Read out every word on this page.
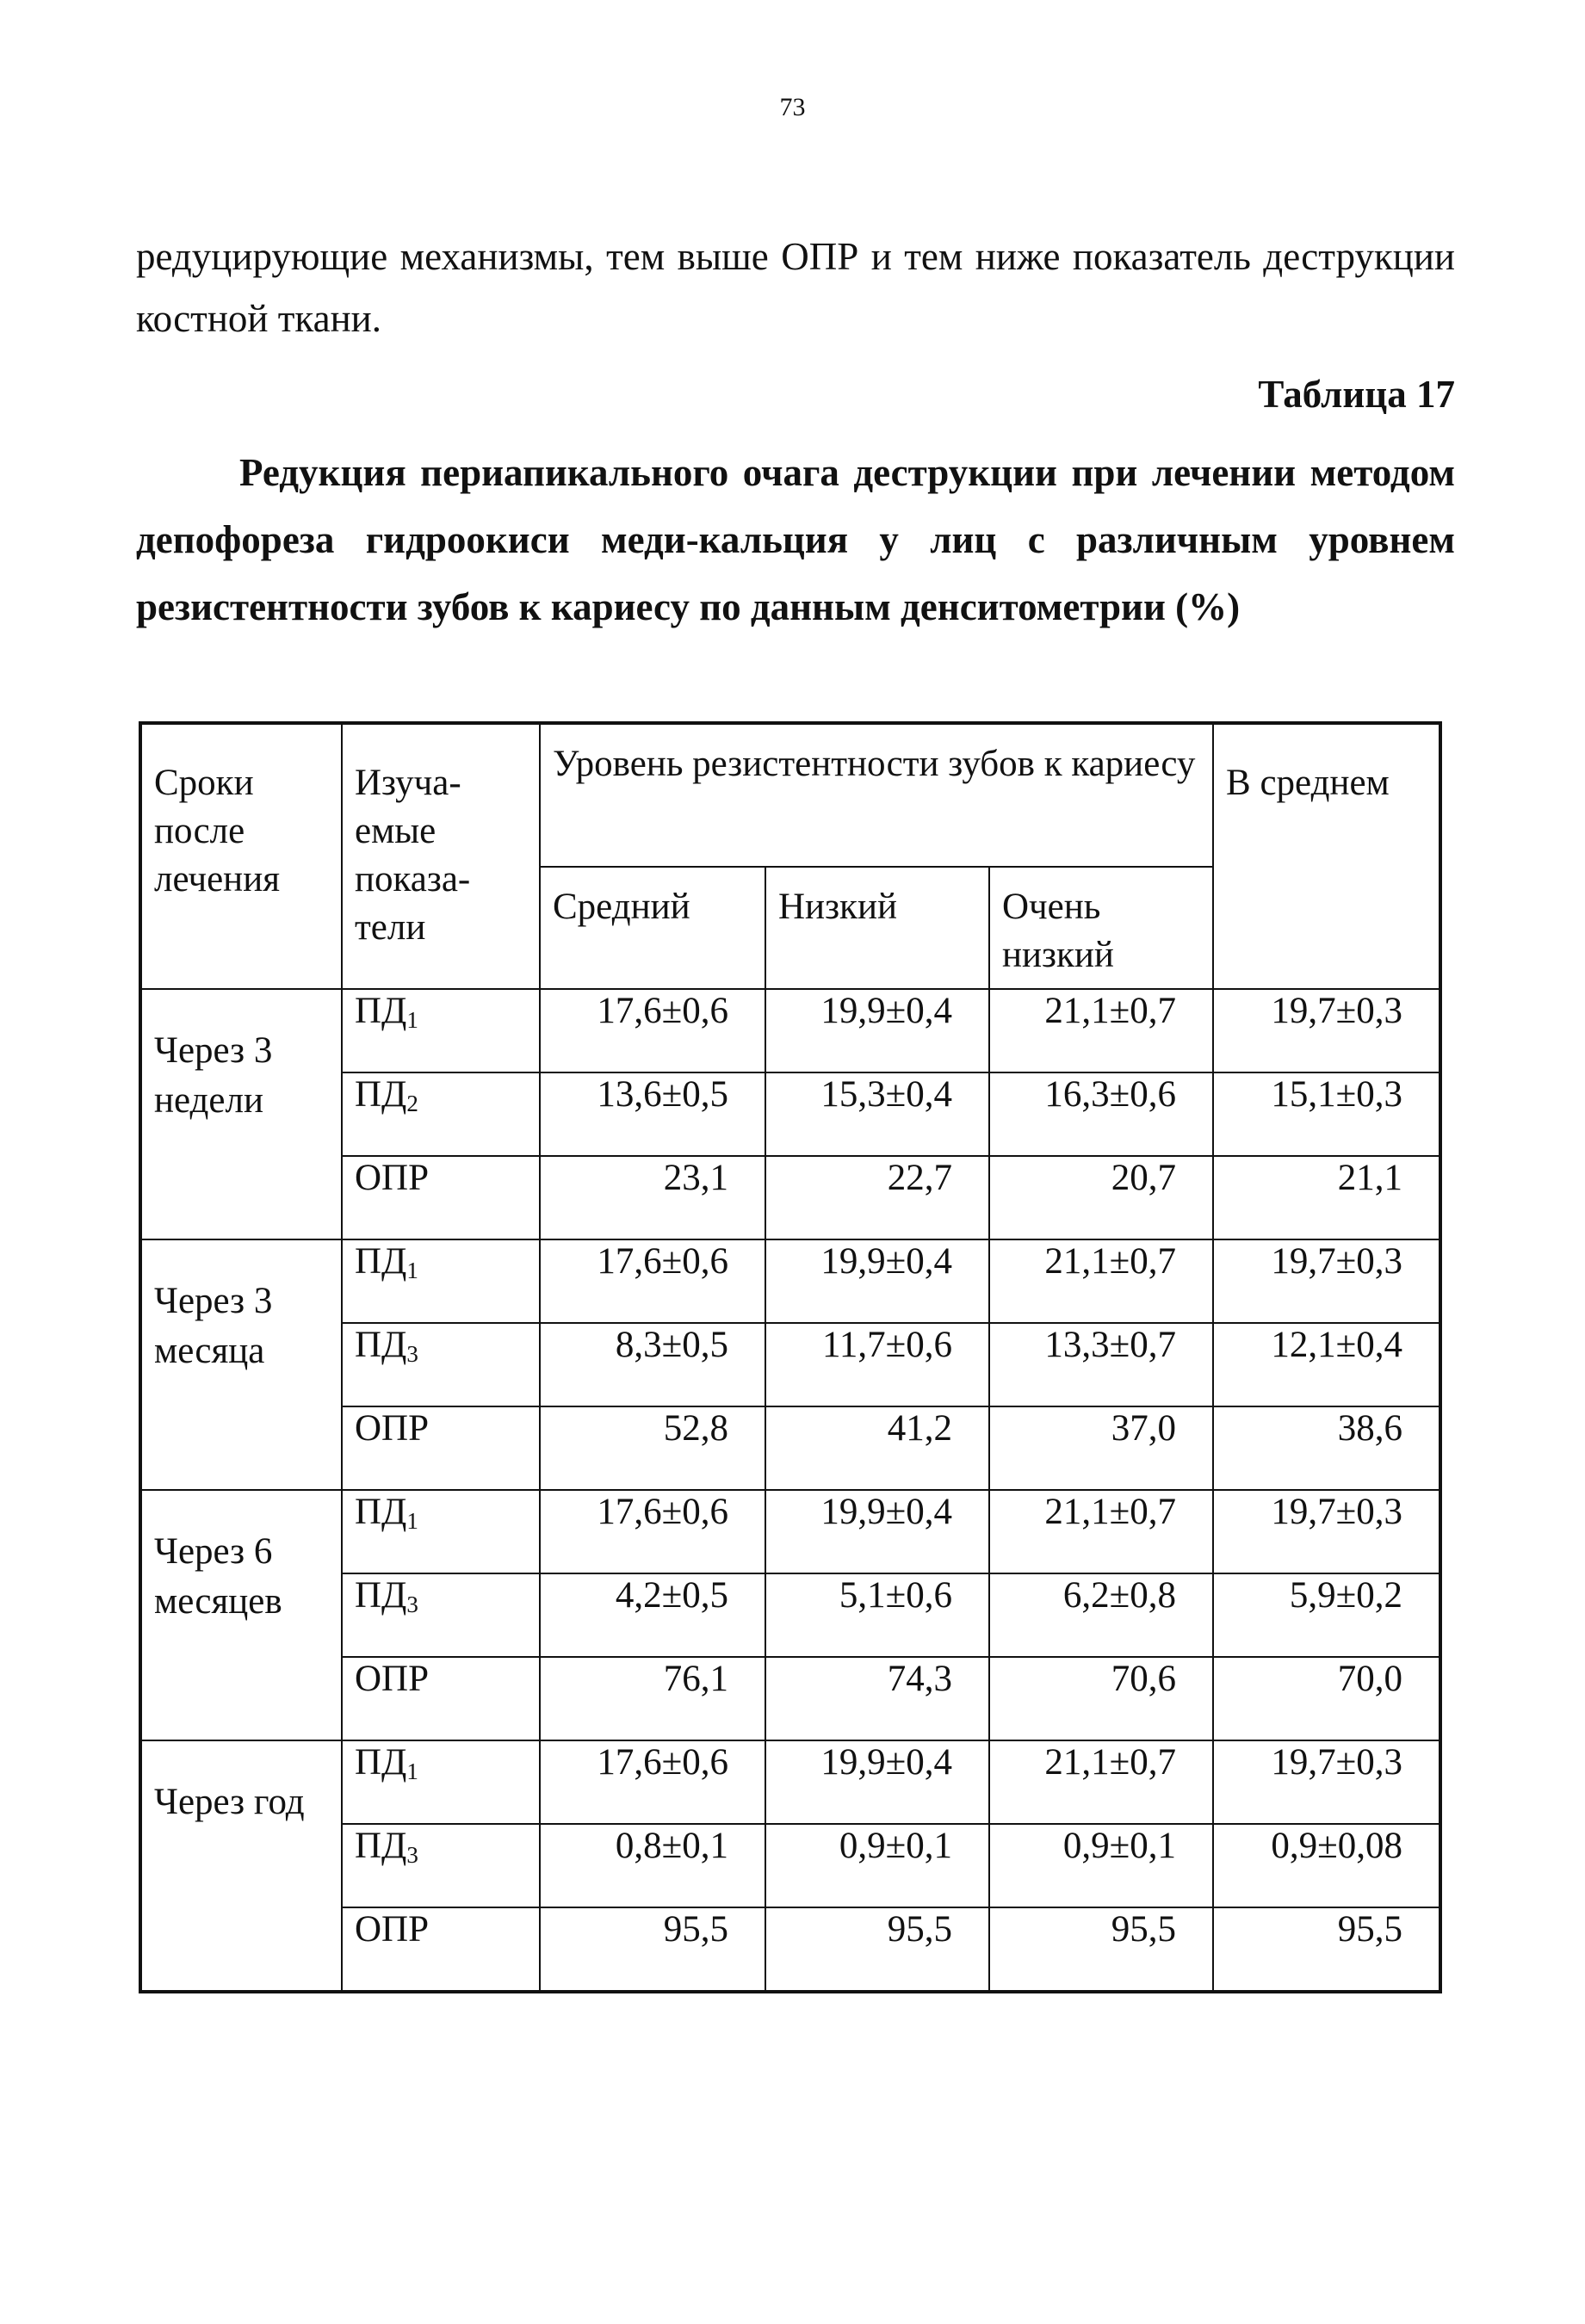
73
редуцирующие механизмы, тем выше ОПР и тем ниже показатель деструкции костной ткани.
Таблица 17
Редукция периапикального очага деструкции при лечении методом депофореза гидроокиси меди-кальция у лиц с различным уровнем резистентности зубов к кариесу по данным денситометрии (%)
Сроки после лечения	Изуча-емые показа-тели	Уровень резистентности зубов к кариесу			В среднем
		Средний	Низкий	Очень низкий	
Через 3 недели	$ПД_1$	17,6±0,6	19,9±0,4	21,1±0,7	19,7±0,3
	$ПД_2$	13,6±0,5	15,3±0,4	16,3±0,6	15,1±0,3
	ОПР	23,1	22,7	20,7	21,1
Через 3 месяца	$ПД_1$	17,6±0,6	19,9±0,4	21,1±0,7	19,7±0,3
	$ПД_3$	8,3±0,5	11,7±0,6	13,3±0,7	12,1±0,4
	ОПР	52,8	41,2	37,0	38,6
Через 6 месяцев	$ПД_1$	17,6±0,6	19,9±0,4	21,1±0,7	19,7±0,3
	$ПД_3$	4,2±0,5	5,1±0,6	6,2±0,8	5,9±0,2
	ОПР	76,1	74,3	70,6	70,0
Через год	$ПД_1$	17,6±0,6	19,9±0,4	21,1±0,7	19,7±0,3
	$ПД_3$	0,8±0,1	0,9±0,1	0,9±0,1	0,9±0,08
	ОПР	95,5	95,5	95,5	95,5
